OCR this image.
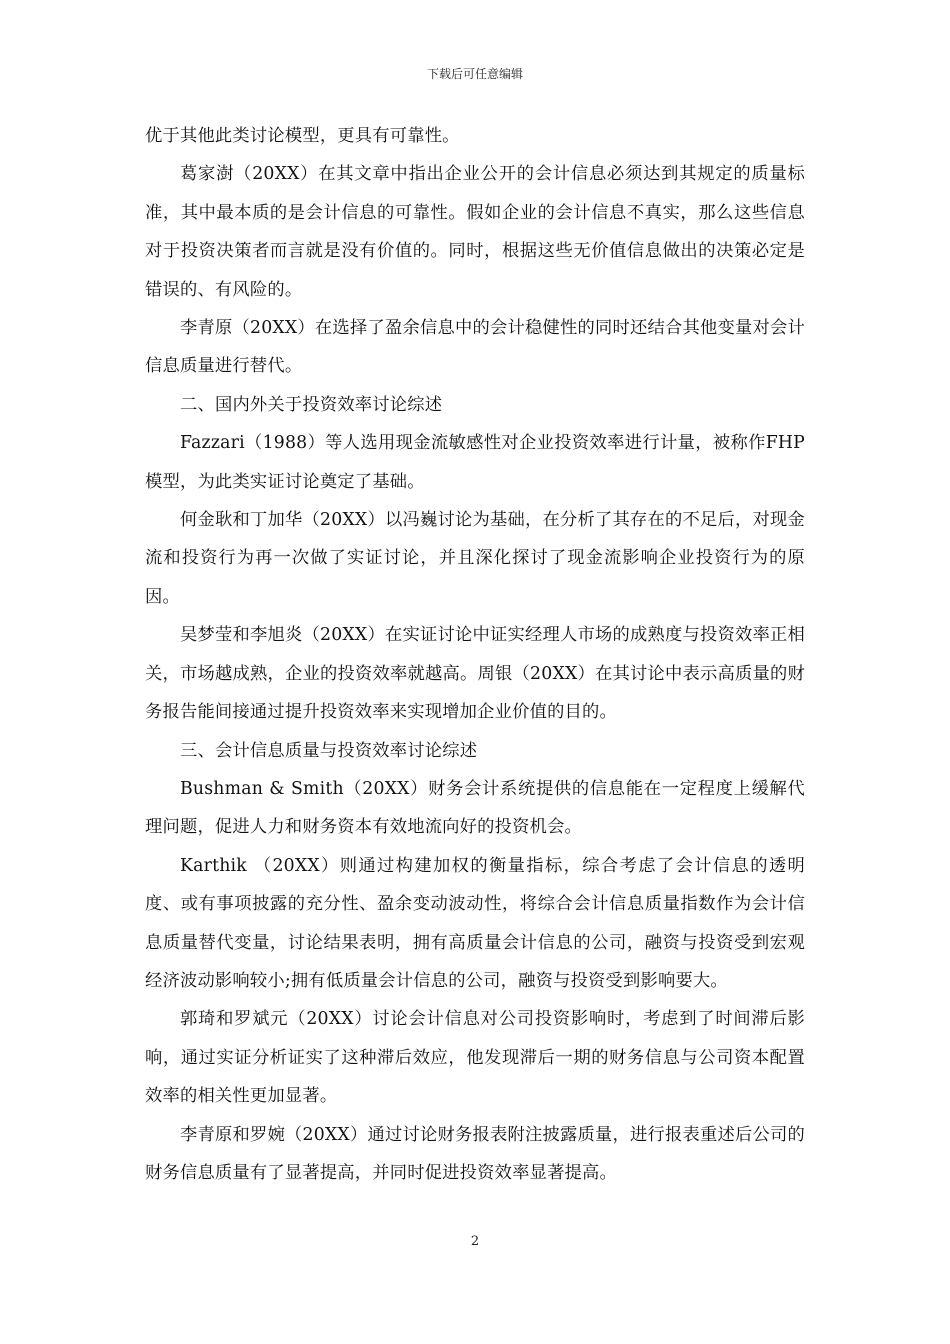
下载后可任意编辑

优于其他此类讨论模型，更具有可靠性。

葛家澍（20XX）在其文章中指出企业公开的会计信息必须达到其规定的质量标准，其中最本质的是会计信息的可靠性。假如企业的会计信息不真实，那么这些信息对于投资决策者而言就是没有价值的。同时，根据这些无价值信息做出的决策必定是错误的、有风险的。

李青原（20XX）在选择了盈余信息中的会计稳健性的同时还结合其他变量对会计信息质量进行替代。

二、国内外关于投资效率讨论综述

Fazzari（1988）等人选用现金流敏感性对企业投资效率进行计量，被称作FHP模型，为此类实证讨论奠定了基础。

何金耿和丁加华（20XX）以冯巍讨论为基础，在分析了其存在的不足后，对现金流和投资行为再一次做了实证讨论，并且深化探讨了现金流影响企业投资行为的原因。

吴梦莹和李旭炎（20XX）在实证讨论中证实经理人市场的成熟度与投资效率正相关，市场越成熟，企业的投资效率就越高。周银（20XX）在其讨论中表示高质量的财务报告能间接通过提升投资效率来实现增加企业价值的目的。

三、会计信息质量与投资效率讨论综述

Bushman & Smith（20XX）财务会计系统提供的信息能在一定程度上缓解代理问题，促进人力和财务资本有效地流向好的投资机会。

Karthik （20XX）则通过构建加权的衡量指标，综合考虑了会计信息的透明度、或有事项披露的充分性、盈余变动波动性，将综合会计信息质量指数作为会计信息质量替代变量，讨论结果表明，拥有高质量会计信息的公司，融资与投资受到宏观经济波动影响较小;拥有低质量会计信息的公司，融资与投资受到影响要大。

郭琦和罗斌元（20XX）讨论会计信息对公司投资影响时，考虑到了时间滞后影响，通过实证分析证实了这种滞后效应，他发现滞后一期的财务信息与公司资本配置效率的相关性更加显著。

李青原和罗婉（20XX）通过讨论财务报表附注披露质量，进行报表重述后公司的财务信息质量有了显著提高，并同时促进投资效率显著提高。

2
